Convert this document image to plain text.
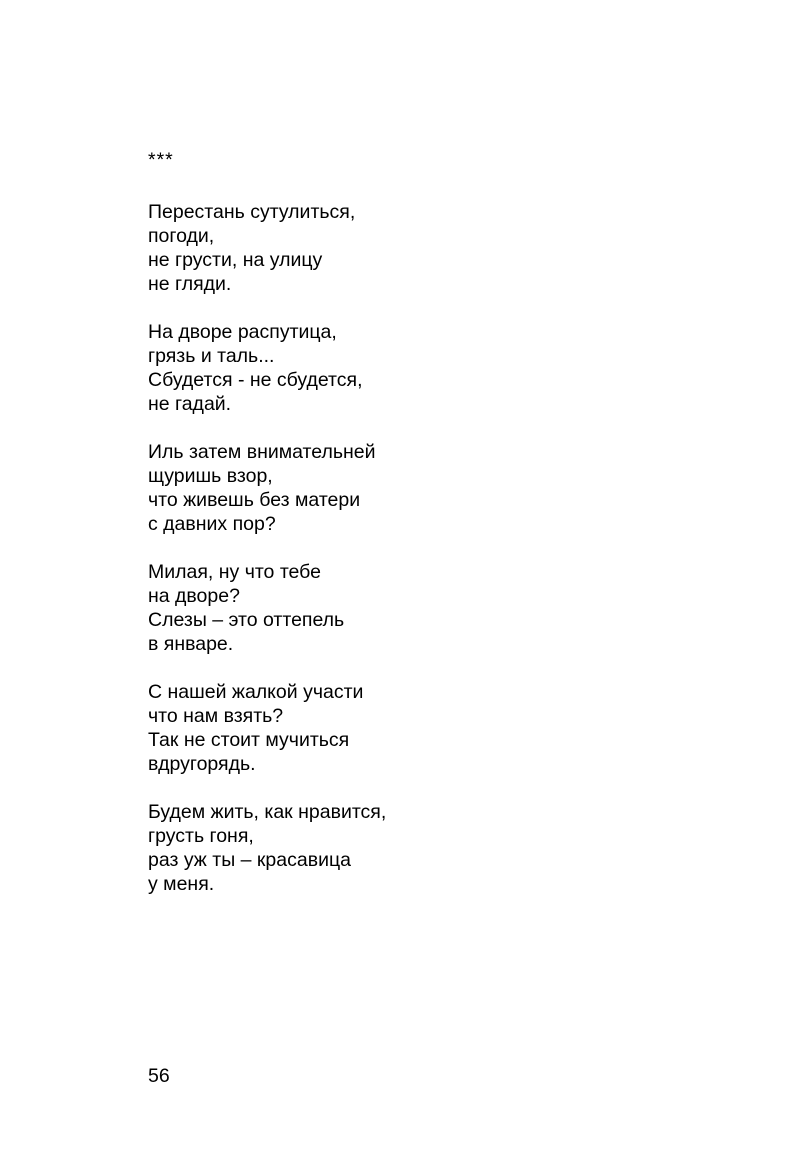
***
Перестань сутулиться,
погоди,
не грусти, на улицу
не гляди.
На дворе распутица,
грязь и таль...
Сбудется - не сбудется,
не гадай.
Иль затем внимательней
щуришь взор,
что живешь без матери
с давних пор?
Милая, ну что тебе
на дворе?
Слезы – это оттепель
в январе.
С нашей жалкой участи
что нам взять?
Так не стоит мучиться
вдругорядь.
Будем жить, как нравится,
грусть гоня,
раз уж ты – красавица
у меня.
56
